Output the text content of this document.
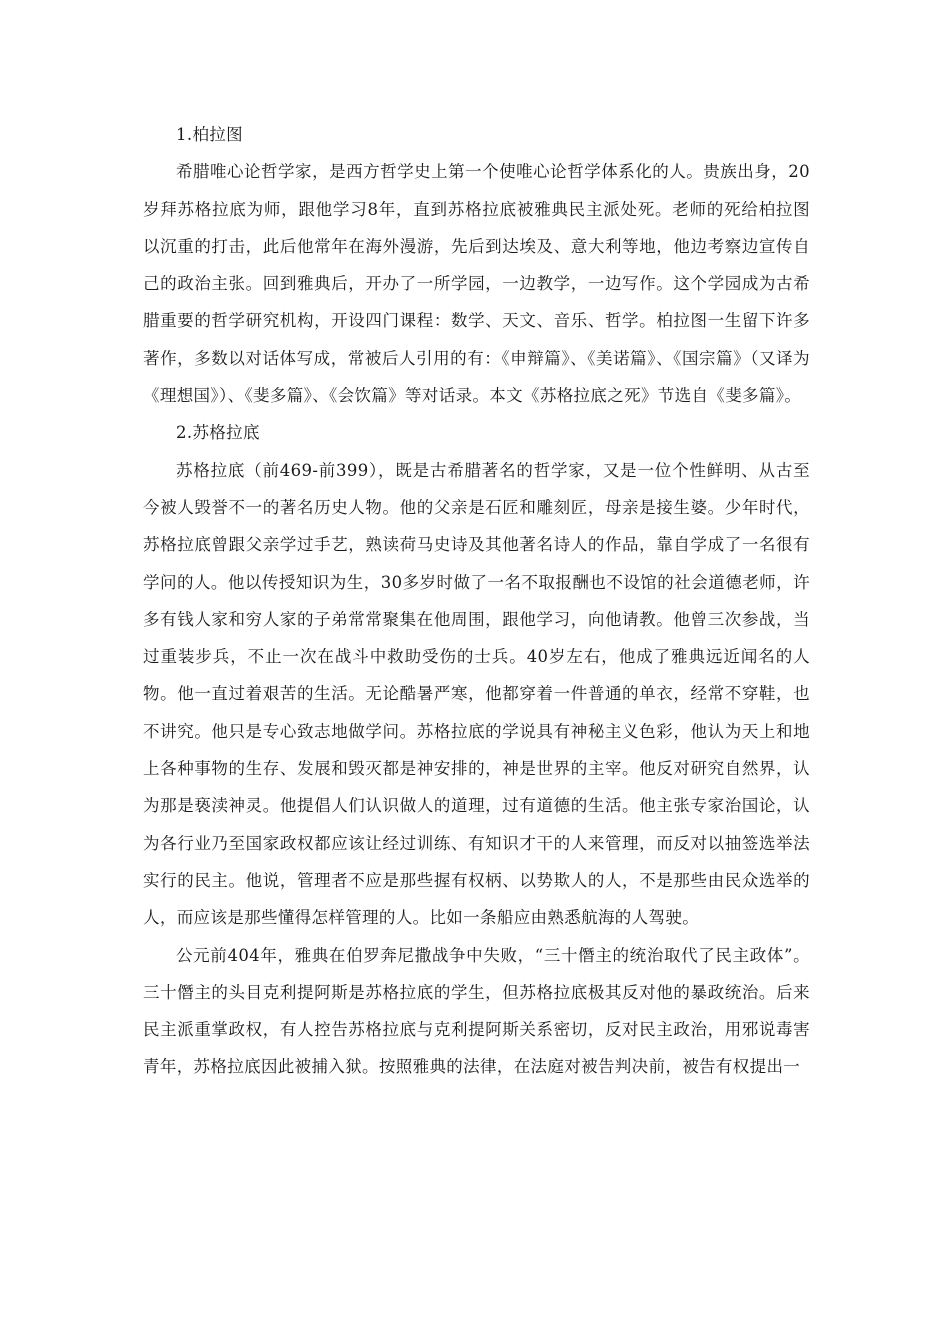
1.柏拉图

希腊唯心论哲学家，是西方哲学史上第一个使唯心论哲学体系化的人。贵族出身，20岁拜苏格拉底为师，跟他学习8年，直到苏格拉底被雅典民主派处死。老师的死给柏拉图以沉重的打击，此后他常年在海外漫游，先后到达埃及、意大利等地，他边考察边宣传自己的政治主张。回到雅典后，开办了一所学园，一边教学，一边写作。这个学园成为古希腊重要的哲学研究机构，开设四门课程：数学、天文、音乐、哲学。柏拉图一生留下许多著作，多数以对话体写成，常被后人引用的有：《申辩篇》、《美诺篇》、《国宗篇》（又译为《理想国》）、《斐多篇》、《会饮篇》等对话录。本文《苏格拉底之死》节选自《斐多篇》。

2.苏格拉底

苏格拉底（前469-前399），既是古希腊著名的哲学家，又是一位个性鲜明、从古至今被人毁誉不一的著名历史人物。他的父亲是石匠和雕刻匠，母亲是接生婆。少年时代，苏格拉底曾跟父亲学过手艺，熟读荷马史诗及其他著名诗人的作品，靠自学成了一名很有学问的人。他以传授知识为生，30多岁时做了一名不取报酬也不设馆的社会道德老师，许多有钱人家和穷人家的子弟常常聚集在他周围，跟他学习，向他请教。他曾三次参战，当过重装步兵，不止一次在战斗中救助受伤的士兵。40岁左右，他成了雅典远近闻名的人物。他一直过着艰苦的生活。无论酷暑严寒，他都穿着一件普通的单衣，经常不穿鞋，也不讲究。他只是专心致志地做学问。苏格拉底的学说具有神秘主义色彩，他认为天上和地上各种事物的生存、发展和毁灭都是神安排的，神是世界的主宰。他反对研究自然界，认为那是亵渎神灵。他提倡人们认识做人的道理，过有道德的生活。他主张专家治国论，认为各行业乃至国家政权都应该让经过训练、有知识才干的人来管理，而反对以抽签选举法实行的民主。他说，管理者不应是那些握有权柄、以势欺人的人，不是那些由民众选举的人，而应该是那些懂得怎样管理的人。比如一条船应由熟悉航海的人驾驶。

公元前404年，雅典在伯罗奔尼撒战争中失败，“三十僭主的统治取代了民主政体”。三十僭主的头目克利提阿斯是苏格拉底的学生，但苏格拉底极其反对他的暴政统治。后来民主派重掌政权，有人控告苏格拉底与克利提阿斯关系密切，反对民主政治，用邪说毒害青年，苏格拉底因此被捕入狱。按照雅典的法律，在法庭对被告判决前，被告有权提出一
